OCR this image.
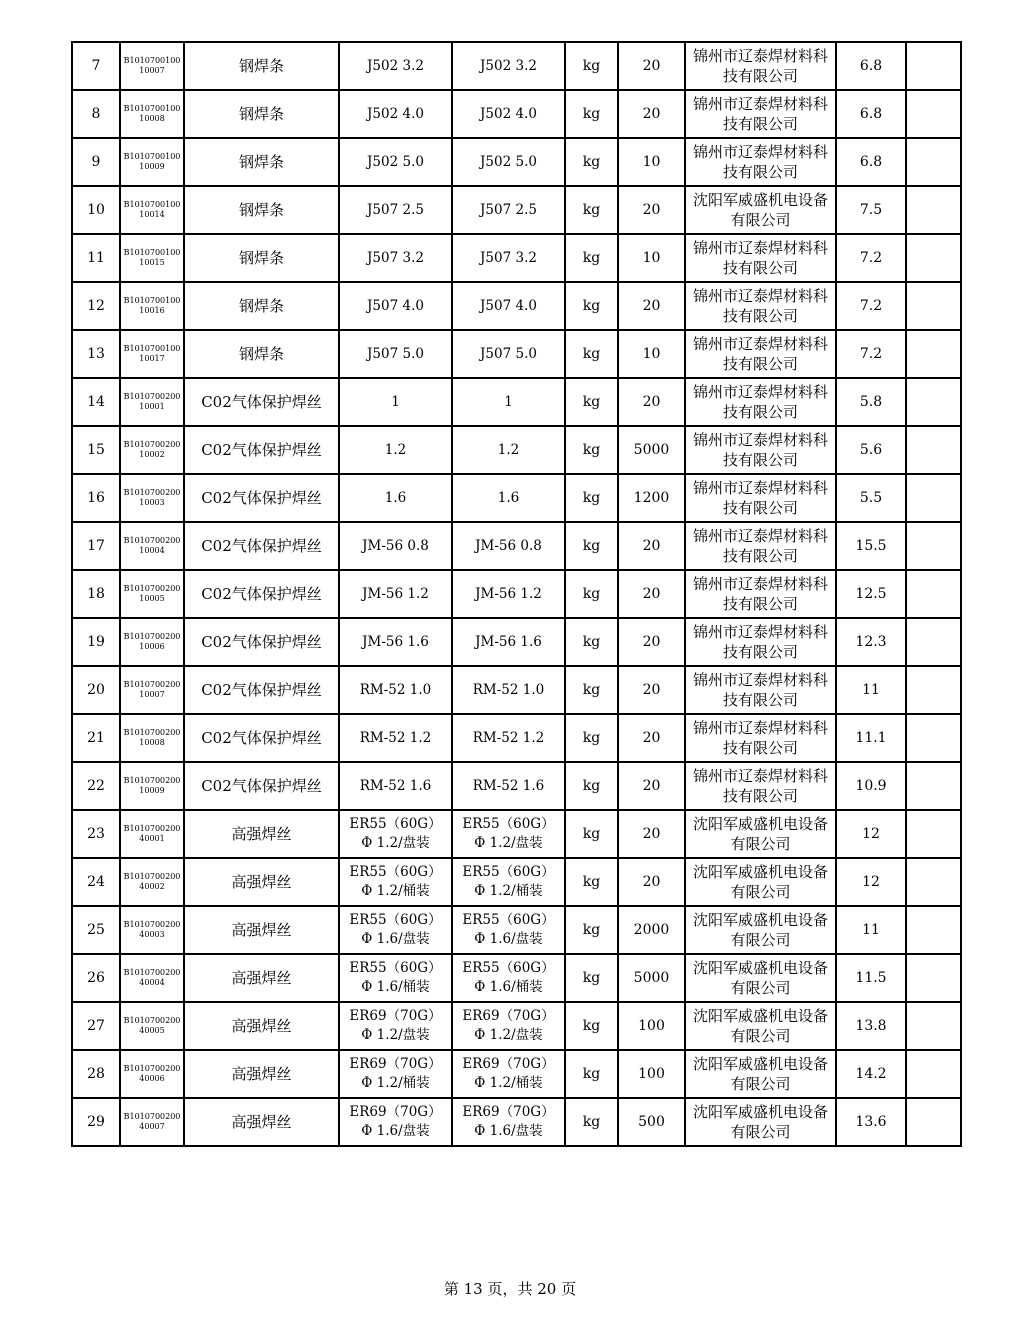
7	B101070010010007	钢焊条	J502 3.2	J502 3.2	kg	20	锦州市辽泰焊材料科技有限公司	6.8	
8	B101070010010008	钢焊条	J502 4.0	J502 4.0	kg	20	锦州市辽泰焊材料科技有限公司	6.8	
9	B101070010010009	钢焊条	J502 5.0	J502 5.0	kg	10	锦州市辽泰焊材料科技有限公司	6.8	
10	B101070010010014	钢焊条	J507 2.5	J507 2.5	kg	20	沈阳军威盛机电设备有限公司	7.5	
11	B101070010010015	钢焊条	J507 3.2	J507 3.2	kg	10	锦州市辽泰焊材料科技有限公司	7.2	
12	B101070010010016	钢焊条	J507 4.0	J507 4.0	kg	20	锦州市辽泰焊材料科技有限公司	7.2	
13	B101070010010017	钢焊条	J507 5.0	J507 5.0	kg	10	锦州市辽泰焊材料科技有限公司	7.2	
14	B101070020010001	C02气体保护焊丝	1	1	kg	20	锦州市辽泰焊材料科技有限公司	5.8	
15	B101070020010002	C02气体保护焊丝	1.2	1.2	kg	5000	锦州市辽泰焊材料科技有限公司	5.6	
16	B101070020010003	C02气体保护焊丝	1.6	1.6	kg	1200	锦州市辽泰焊材料科技有限公司	5.5	
17	B101070020010004	C02气体保护焊丝	JM-56 0.8	JM-56 0.8	kg	20	锦州市辽泰焊材料科技有限公司	15.5	
18	B101070020010005	C02气体保护焊丝	JM-56 1.2	JM-56 1.2	kg	20	锦州市辽泰焊材料科技有限公司	12.5	
19	B101070020010006	C02气体保护焊丝	JM-56 1.6	JM-56 1.6	kg	20	锦州市辽泰焊材料科技有限公司	12.3	
20	B101070020010007	C02气体保护焊丝	RM-52 1.0	RM-52 1.0	kg	20	锦州市辽泰焊材料科技有限公司	11	
21	B101070020010008	C02气体保护焊丝	RM-52 1.2	RM-52 1.2	kg	20	锦州市辽泰焊材料科技有限公司	11.1	
22	B101070020010009	C02气体保护焊丝	RM-52 1.6	RM-52 1.6	kg	20	锦州市辽泰焊材料科技有限公司	10.9	
23	B101070020040001	高强焊丝	ER55（60G） Φ 1.2/盘装	ER55（60G） Φ 1.2/盘装	kg	20	沈阳军威盛机电设备有限公司	12	
24	B101070020040002	高强焊丝	ER55（60G） Φ 1.2/桶装	ER55（60G） Φ 1.2/桶装	kg	20	沈阳军威盛机电设备有限公司	12	
25	B101070020040003	高强焊丝	ER55（60G） Φ 1.6/盘装	ER55（60G） Φ 1.6/盘装	kg	2000	沈阳军威盛机电设备有限公司	11	
26	B101070020040004	高强焊丝	ER55（60G） Φ 1.6/桶装	ER55（60G） Φ 1.6/桶装	kg	5000	沈阳军威盛机电设备有限公司	11.5	
27	B101070020040005	高强焊丝	ER69（70G） Φ 1.2/盘装	ER69（70G） Φ 1.2/盘装	kg	100	沈阳军威盛机电设备有限公司	13.8	
28	B101070020040006	高强焊丝	ER69（70G） Φ 1.2/桶装	ER69（70G） Φ 1.2/桶装	kg	100	沈阳军威盛机电设备有限公司	14.2	
29	B101070020040007	高强焊丝	ER69（70G） Φ 1.6/盘装	ER69（70G） Φ 1.6/盘装	kg	500	沈阳军威盛机电设备有限公司	13.6	
第 13 页，共 20 页
